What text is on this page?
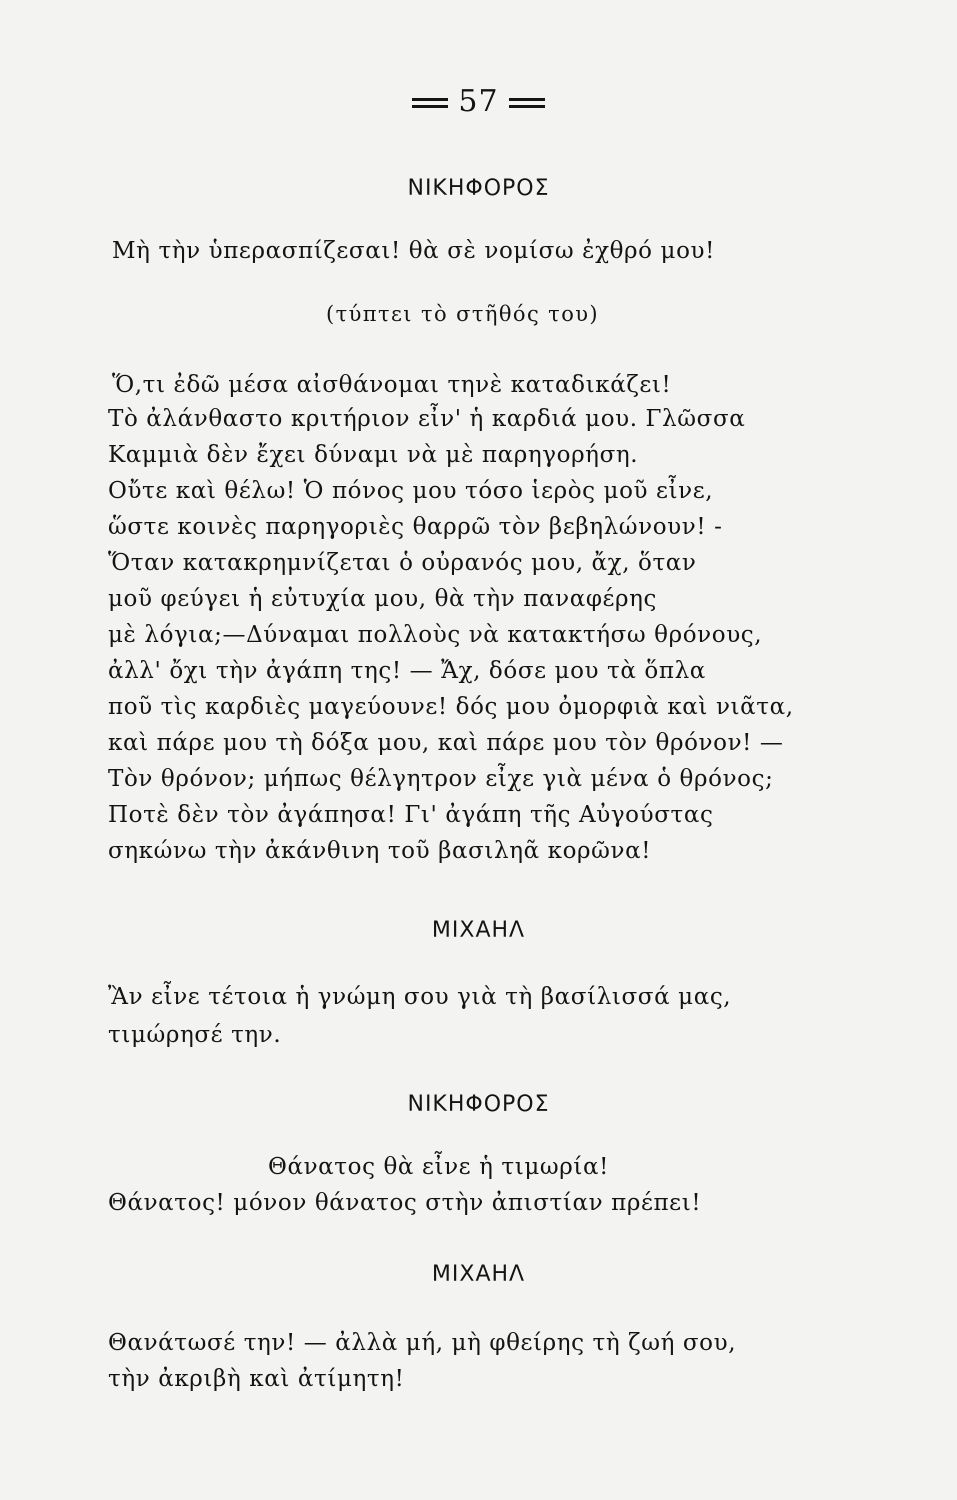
57
ΝΙΚΗΦΟΡΟΣ
Μὴ τὴν ὑπερασπίζεσαι! θὰ σὲ νομίσω ἐχθρό μου!
(τύπτει τὸ στῆθός του)
Ὅ,τι ἐδῶ μέσα αἰσθάνομαι τηνὲ καταδικάζει!
Τὸ ἀλάνθαστο κριτήριον εἶν' ἡ καρδιά μου. Γλῶσσα
Καμμιὰ δὲν ἔχει δύναμι νὰ μὲ παρηγορήση.
Οὔτε καὶ θέλω! Ὁ πόνος μου τόσο ἱερὸς μοῦ εἶνε,
ὥστε κοινὲς παρηγοριὲς θαρρῶ τὸν βεβηλώνουν! -
Ὅταν κατακρημνίζεται ὁ οὐρανός μου, ἄχ, ὅταν
μοῦ φεύγει ἡ εὐτυχία μου, θὰ τὴν παναφέρης
μὲ λόγια;—Δύναμαι πολλοὺς νὰ κατακτήσω θρόνους,
ἀλλ' ὄχι τὴν ἀγάπη της! — Ἄχ, δόσε μου τὰ ὅπλα
ποῦ τὶς καρδιὲς μαγεύουνε! δός μου ὀμορφιὰ καὶ νιᾶτα,
καὶ πάρε μου τὴ δόξα μου, καὶ πάρε μου τὸν θρόνον! —
Τὸν θρόνον; μήπως θέλγητρον εἶχε γιὰ μένα ὁ θρόνος;
Ποτὲ δὲν τὸν ἀγάπησα! Γι' ἀγάπη τῆς Αὐγούστας
σηκώνω τὴν ἀκάνθινη τοῦ βασιληᾶ κορῶνα!
ΜΙΧΑΗΛ
Ἂν εἶνε τέτοια ἡ γνώμη σου γιὰ τὴ βασίλισσά μας,
τιμώρησέ την.
ΝΙΚΗΦΟΡΟΣ
Θάνατος θὰ εἶνε ἡ τιμωρία!
Θάνατος! μόνον θάνατος στὴν ἀπιστίαν πρέπει!
ΜΙΧΑΗΛ
Θανάτωσέ την! — ἀλλὰ μή, μὴ φθείρης τὴ ζωή σου,
τὴν ἀκριβὴ καὶ ἀτίμητη!
